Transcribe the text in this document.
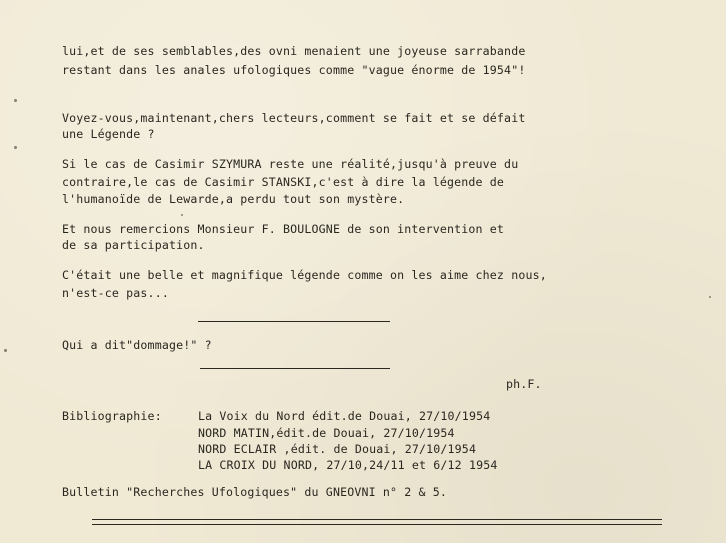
lui,et de ses semblables,des ovni menaient une joyeuse sarrabande
restant dans les anales ufologiques comme "vague énorme de 1954"!
Voyez-vous,maintenant,chers lecteurs,comment se fait et se défait
une Légende ?
Si le cas de Casimir SZYMURA reste une réalité,jusqu'à preuve du
contraire,le cas de Casimir STANSKI,c'est à dire la légende de
l'humanoïde de Lewarde,a perdu tout son mystère.
Et nous remercions Monsieur F. BOULOGNE de son intervention et
de sa participation.
C'était une belle et magnifique légende comme on les aime chez nous,
n'est-ce pas...
Qui a dit"dommage!" ?
ph.F.
Bibliographie:	La Voix du Nord édit.de Douai, 27/10/1954
NORD MATIN,édit.de Douai, 27/10/1954
NORD ECLAIR ,édit. de Douai, 27/10/1954
LA CROIX DU NORD, 27/10,24/11 et 6/12 1954
Bulletin "Recherches Ufologiques" du GNEOVNI n° 2 & 5.
